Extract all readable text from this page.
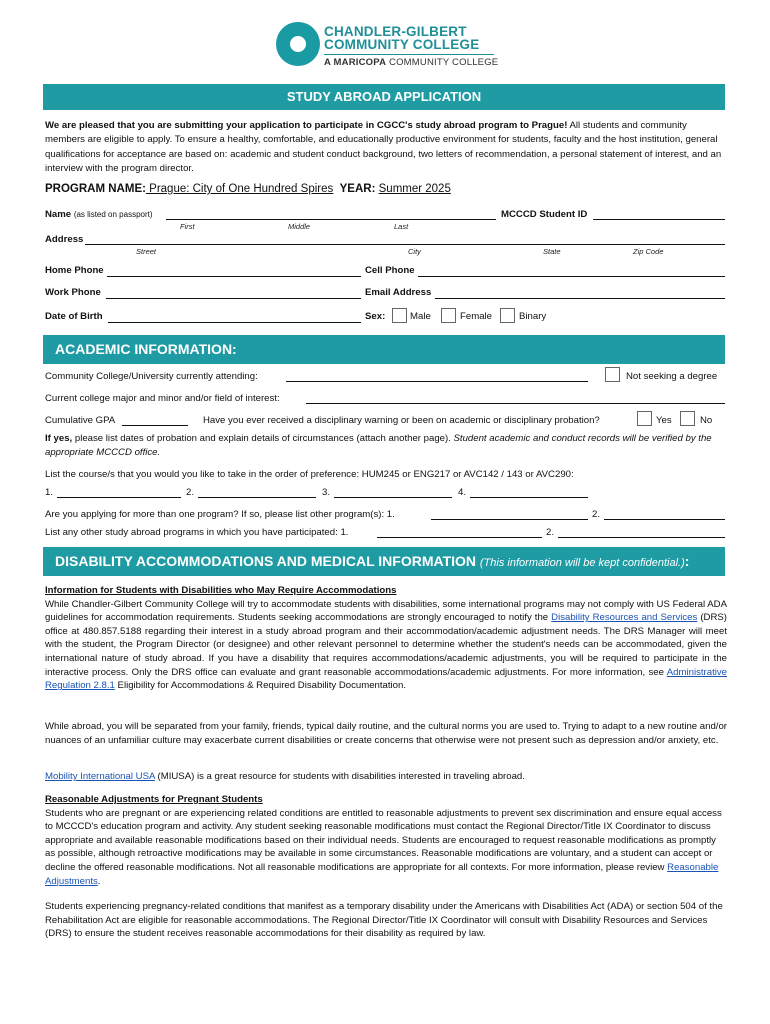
CHANDLER-GILBERT
COMMUNITY COLLEGE
A MARICOPA COMMUNITY COLLEGE
STUDY ABROAD APPLICATION
We are pleased that you are submitting your application to participate in CGCC's study abroad program to Prague! All students and community members are eligible to apply. To ensure a healthy, comfortable, and educationally productive environment for students, faculty and the host institution, general qualifications for acceptance are based on: academic and student conduct background, two letters of recommendation, a personal statement of interest, and an interview with the program director.
PROGRAM NAME: Prague: City of One Hundred Spires YEAR: Summer 2025
Name (as listed on passport)	MCCCD Student ID
First	Middle	Last
Address
Street	City	State	Zip Code
Home Phone	Cell Phone
Work Phone	Email Address
Date of Birth	Sex:	Male	Female	Binary
ACADEMIC INFORMATION:
Community College/University currently attending:	Not seeking a degree
Current college major and minor and/or field of interest:
Cumulative GPA	Have you ever received a disciplinary warning or been on academic or disciplinary probation?	Yes	No
If yes, please list dates of probation and explain details of circumstances (attach another page). Student academic and conduct records will be verified by the appropriate MCCCD office.
List the course/s that you would you like to take in the order of preference: HUM245 or ENG217 or AVC142 / 143 or AVC290:
1.	2.	3.	4.
Are you applying for more than one program? If so, please list other program(s): 1.	2.
List any other study abroad programs in which you have participated: 1.	2.
DISABILITY ACCOMMODATIONS AND MEDICAL INFORMATION (This information will be kept confidential.):
Information for Students with Disabilities who May Require Accommodations
While Chandler-Gilbert Community College will try to accommodate students with disabilities, some international programs may not comply with US Federal ADA guidelines for accommodation requirements. Students seeking accommodations are strongly encouraged to notify the Disability Resources and Services (DRS) office at 480.857.5188 regarding their interest in a study abroad program and their accommodation/academic adjustment needs. The DRS Manager will meet with the student, the Program Director (or designee) and other relevant personnel to determine whether the student's needs can be accommodated, given the international nature of study abroad. If you have a disability that requires accommodations/academic adjustments, you will be required to participate in the interactive process. Only the DRS office can evaluate and grant reasonable accommodations/academic adjustments. For more information, see Administrative Regulation 2.8.1 Eligibility for Accommodations & Required Disability Documentation.
While abroad, you will be separated from your family, friends, typical daily routine, and the cultural norms you are used to. Trying to adapt to a new routine and/or nuances of an unfamiliar culture may exacerbate current disabilities or create concerns that otherwise were not present such as depression and/or anxiety, etc.
Mobility International USA (MIUSA) is a great resource for students with disabilities interested in traveling abroad.
Reasonable Adjustments for Pregnant Students
Students who are pregnant or are experiencing related conditions are entitled to reasonable adjustments to prevent sex discrimination and ensure equal access to MCCCD's education program and activity. Any student seeking reasonable modifications must contact the Regional Director/Title IX Coordinator to discuss appropriate and available reasonable modifications based on their individual needs. Students are encouraged to request reasonable modifications as promptly as possible, although retroactive modifications may be available in some circumstances. Reasonable modifications are voluntary, and a student can accept or decline the offered reasonable modifications. Not all reasonable modifications are appropriate for all contexts. For more information, please review Reasonable Adjustments.
Students experiencing pregnancy-related conditions that manifest as a temporary disability under the Americans with Disabilities Act (ADA) or section 504 of the Rehabilitation Act are eligible for reasonable accommodations. The Regional Director/Title IX Coordinator will consult with Disability Resources and Services (DRS) to ensure the student receives reasonable accommodations for their disability as required by law.
